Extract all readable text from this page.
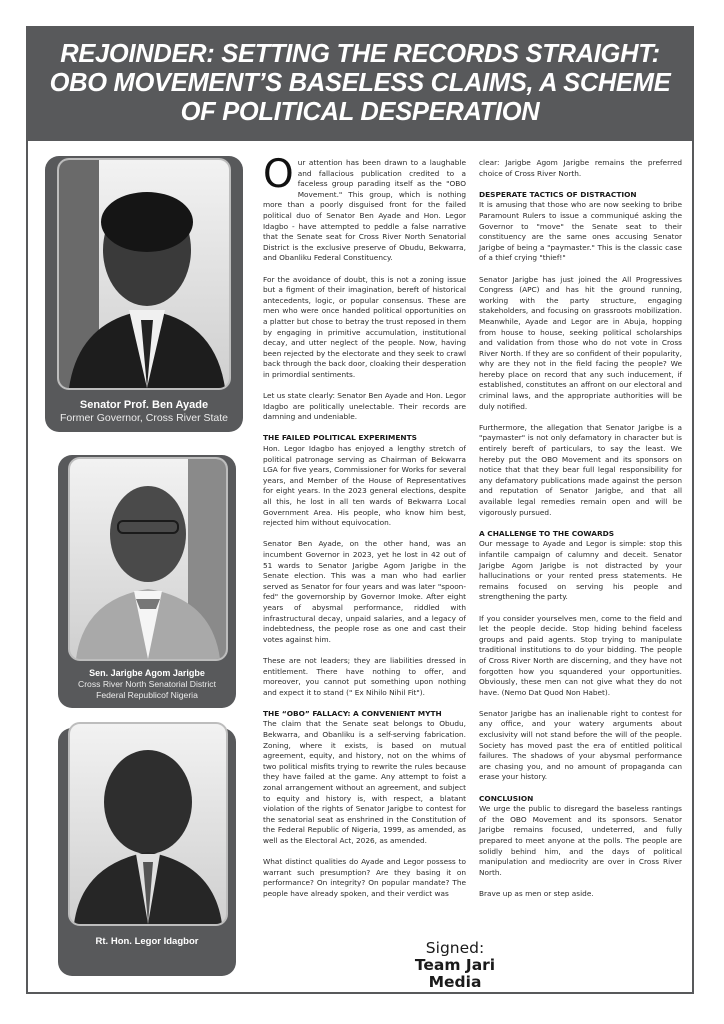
REJOINDER: SETTING THE RECORDS STRAIGHT: OBO MOVEMENT’S BASELESS CLAIMS, A SCHEME OF POLITICAL DESPERATION
Senator Prof. Ben Ayade
Former Governor, Cross River State
Sen. Jarigbe Agom Jarigbe
Cross River North Senatorial District
Federal Republicof Nigeria
Rt. Hon. Legor Idagbor

Our attention has been drawn to a laughable and fallacious publication credited to a faceless group parading itself as the "OBO Movement." This group, which is nothing more than a poorly disguised front for the failed political duo of Senator Ben Ayade and Hon. Legor Idagbo - have attempted to peddle a false narrative that the Senate seat for Cross River North Senatorial District is the exclusive preserve of Obudu, Bekwarra, and Obanliku Federal Constituency.

For the avoidance of doubt, this is not a zoning issue but a figment of their imagination, bereft of historical antecedents, logic, or popular consensus. These are men who were once handed political opportunities on a platter but chose to betray the trust reposed in them by engaging in primitive accumulation, institutional decay, and utter neglect of the people. Now, having been rejected by the electorate and they seek to crawl back through the back door, cloaking their desperation in primordial sentiments.

Let us state clearly: Senator Ben Ayade and Hon. Legor Idagbo are politically unelectable. Their records are damning and undeniable.

THE FAILED POLITICAL EXPERIMENTS

Hon. Legor Idagbo has enjoyed a lengthy stretch of political patronage serving as Chairman of Bekwarra LGA for five years, Commissioner for Works for several years, and Member of the House of Representatives for eight years. In the 2023 general elections, despite all this, he lost in all ten wards of Bekwarra Local Government Area. His people, who know him best, rejected him without equivocation.

Senator Ben Ayade, on the other hand, was an incumbent Governor in 2023, yet he lost in 42 out of 51 wards to Senator Jarigbe Agom Jarigbe in the Senate election. This was a man who had earlier served as Senator for four years and was later "spoon-fed" the governorship by Governor Imoke. After eight years of abysmal performance, riddled with infrastructural decay, unpaid salaries, and a legacy of indebtedness, the people rose as one and cast their votes against him.

These are not leaders; they are liabilities dressed in entitlement. There have nothing to offer, and moreover, you cannot put something upon nothing and expect it to stand (" Ex Nihilo Nihil Fit").

THE “OBO” FALLACY: A CONVENIENT MYTH

The claim that the Senate seat belongs to Obudu, Bekwarra, and Obanliku is a self-serving fabrication. Zoning, where it exists, is based on mutual agreement, equity, and history, not on the whims of two political misfits trying to rewrite the rules because they have failed at the game. Any attempt to foist a zonal arrangement without an agreement, and subject to equity and history is, with respect, a blatant violation of the rights of Senator Jarigbe to contest for the senatorial seat as enshrined in the Constitution of the Federal Republic of Nigeria, 1999, as amended, as well as the Electoral Act, 2026, as amended.

What distinct qualities do Ayade and Legor possess to warrant such presumption? Are they basing it on performance? On integrity? On popular mandate? The people have already spoken, and their verdict was

clear: Jarigbe Agom Jarigbe remains the preferred choice of Cross River North.

DESPERATE TACTICS OF DISTRACTION

It is amusing that those who are now seeking to bribe Paramount Rulers to issue a communiqué asking the Governor to "move" the Senate seat to their constituency are the same ones accusing Senator Jarigbe of being a "paymaster." This is the classic case of a thief crying "thief!"

Senator Jarigbe has just joined the All Progressives Congress (APC) and has hit the ground running, working with the party structure, engaging stakeholders, and focusing on grassroots mobilization. Meanwhile, Ayade and Legor are in Abuja, hopping from house to house, seeking political scholarships and validation from those who do not vote in Cross River North. If they are so confident of their popularity, why are they not in the field facing the people? We hereby place on record that any such inducement, if established, constitutes an affront on our electoral and criminal laws, and the appropriate authorities will be duly notified.

Furthermore, the allegation that Senator Jarigbe is a "paymaster" is not only defamatory in character but is entirely bereft of particulars, to say the least. We hereby put the OBO Movement and its sponsors on notice that that they bear full legal responsibility for any defamatory publications made against the person and reputation of Senator Jarigbe, and that all available legal remedies remain open and will be vigorously pursued.

A CHALLENGE TO THE COWARDS

Our message to Ayade and Legor is simple: stop this infantile campaign of calumny and deceit. Senator Jarigbe Agom Jarigbe is not distracted by your hallucinations or your rented press statements. He remains focused on serving his people and strengthening the party.

If you consider yourselves men, come to the field and let the people decide. Stop hiding behind faceless groups and paid agents. Stop trying to manipulate traditional institutions to do your bidding. The people of Cross River North are discerning, and they have not forgotten how you squandered your opportunities. Obviously, these men can not give what they do not have. (Nemo Dat Quod Non Habet).

Senator Jarigbe has an inalienable right to contest for any office, and your watery arguments about exclusivity will not stand before the will of the people. Society has moved past the era of entitled political failures. The shadows of your abysmal performance are chasing you, and no amount of propaganda can erase your history.

CONCLUSION

We urge the public to disregard the baseless rantings of the OBO Movement and its sponsors. Senator Jarigbe remains focused, undeterred, and fully prepared to meet anyone at the polls. The people are solidly behind him, and the days of political manipulation and mediocrity are over in Cross River North.

Brave up as men or step aside.

Signed:
Team Jari Media
